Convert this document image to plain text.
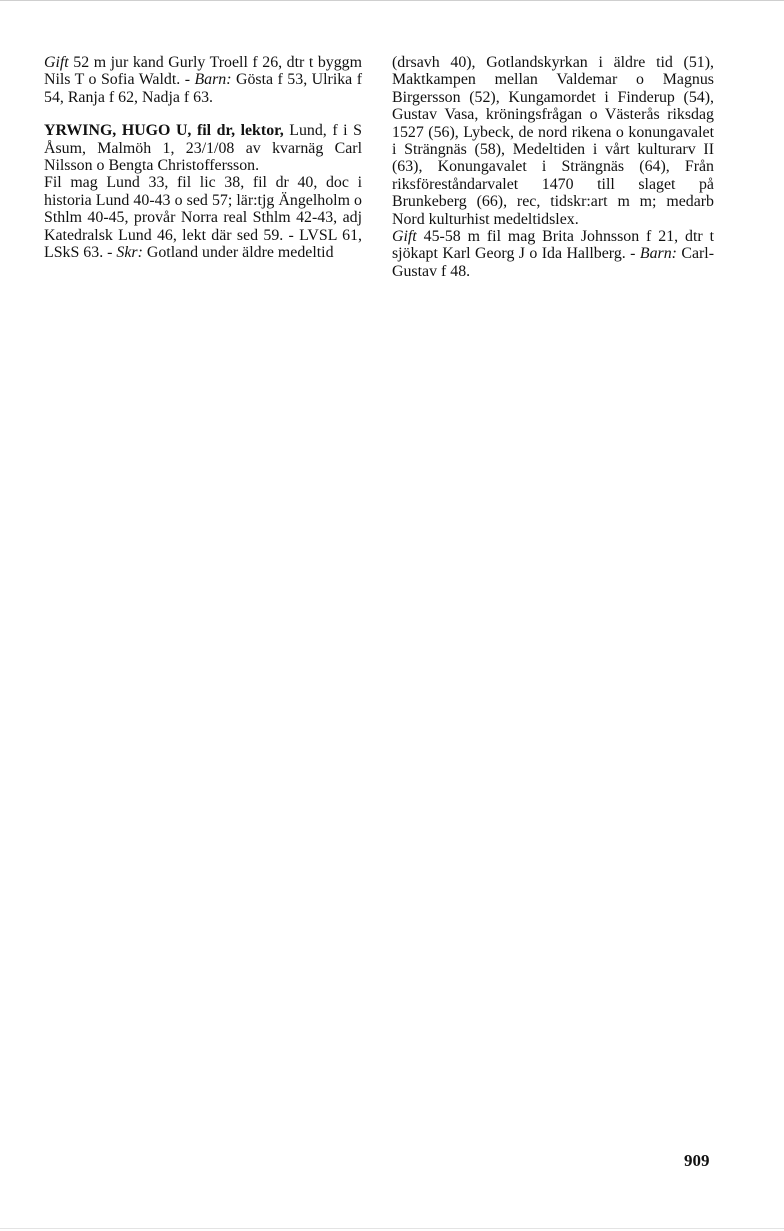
Gift 52 m jur kand Gurly Troell f 26, dtr t byggm Nils T o Sofia Waldt. - Barn: Gösta f 53, Ulrika f 54, Ranja f 62, Nadja f 63.

YRWING, HUGO U, fil dr, lektor, Lund, f i S Åsum, Malmöh 1, 23/1/08 av kvarnäg Carl Nilsson o Bengta Christoffersson.

Fil mag Lund 33, fil lic 38, fil dr 40, doc i historia Lund 40-43 o sed 57; lär:tjg Ängelholm o Sthlm 40-45, provår Norra real Sthlm 42-43, adj Katedralsk Lund 46, lekt där sed 59. - LVSL 61, LSkS 63. - Skr: Gotland under äldre medeltid

(drsavh 40), Gotlandskyrkan i äldre tid (51), Maktkampen mellan Valdemar o Magnus Birgersson (52), Kungamordet i Finderup (54), Gustav Vasa, kröningsfrågan o Västerås riksdag 1527 (56), Lybeck, de nord rikena o konungavalet i Strängnäs (58), Medeltiden i vårt kulturarv II (63), Konungavalet i Strängnäs (64), Från riksföreståndarvalet 1470 till slaget på Brunkeberg (66), rec, tidskr:art m m; medarb Nord kulturhist medeltidslex.

Gift 45-58 m fil mag Brita Johnsson f 21, dtr t sjökapt Karl Georg J o Ida Hallberg. - Barn: Carl-Gustav f 48.

909
